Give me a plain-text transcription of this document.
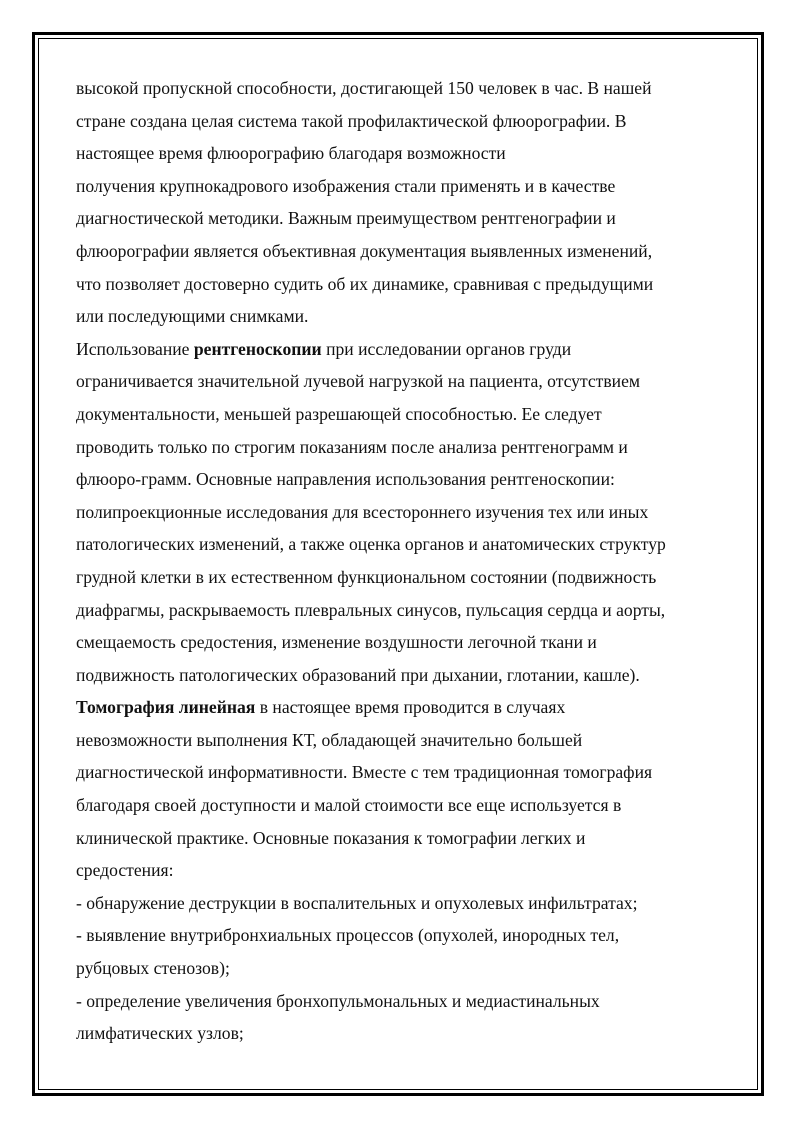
высокой пропускной способности, достигающей 150 человек в час. В нашей
стране создана целая система такой профилактической флюорографии. В
настоящее время флюорографию благодаря возможности
получения крупнокадрового изображения стали применять и в качестве
диагностической методики. Важным преимуществом рентгенографии и
флюорографии является объективная документация выявленных изменений,
что позволяет достоверно судить об их динамике, сравнивая с предыдущими
или последующими снимками.
Использование рентгеноскопии при исследовании органов груди
ограничивается значительной лучевой нагрузкой на пациента, отсутствием
документальности, меньшей разрешающей способностью. Ее следует
проводить только по строгим показаниям после анализа рентгенограмм и
флюоро-грамм. Основные направления использования рентгеноскопии:
полипроекционные исследования для всестороннего изучения тех или иных
патологических изменений, а также оценка органов и анатомических структур
грудной клетки в их естественном функциональном состоянии (подвижность
диафрагмы, раскрываемость плевральных синусов, пульсация сердца и аорты,
смещаемость средостения, изменение воздушности легочной ткани и
подвижность патологических образований при дыхании, глотании, кашле).
Томография линейная в настоящее время проводится в случаях
невозможности выполнения КТ, обладающей значительно большей
диагностической информативности. Вместе с тем традиционная томография
благодаря своей доступности и малой стоимости все еще используется в
клинической практике. Основные показания к томографии легких и
средостения:
- обнаружение деструкции в воспалительных и опухолевых инфильтратах;
- выявление внутрибронхиальных процессов (опухолей, инородных тел,
рубцовых стенозов);
- определение увеличения бронхопульмональных и медиастинальных
лимфатических узлов;
